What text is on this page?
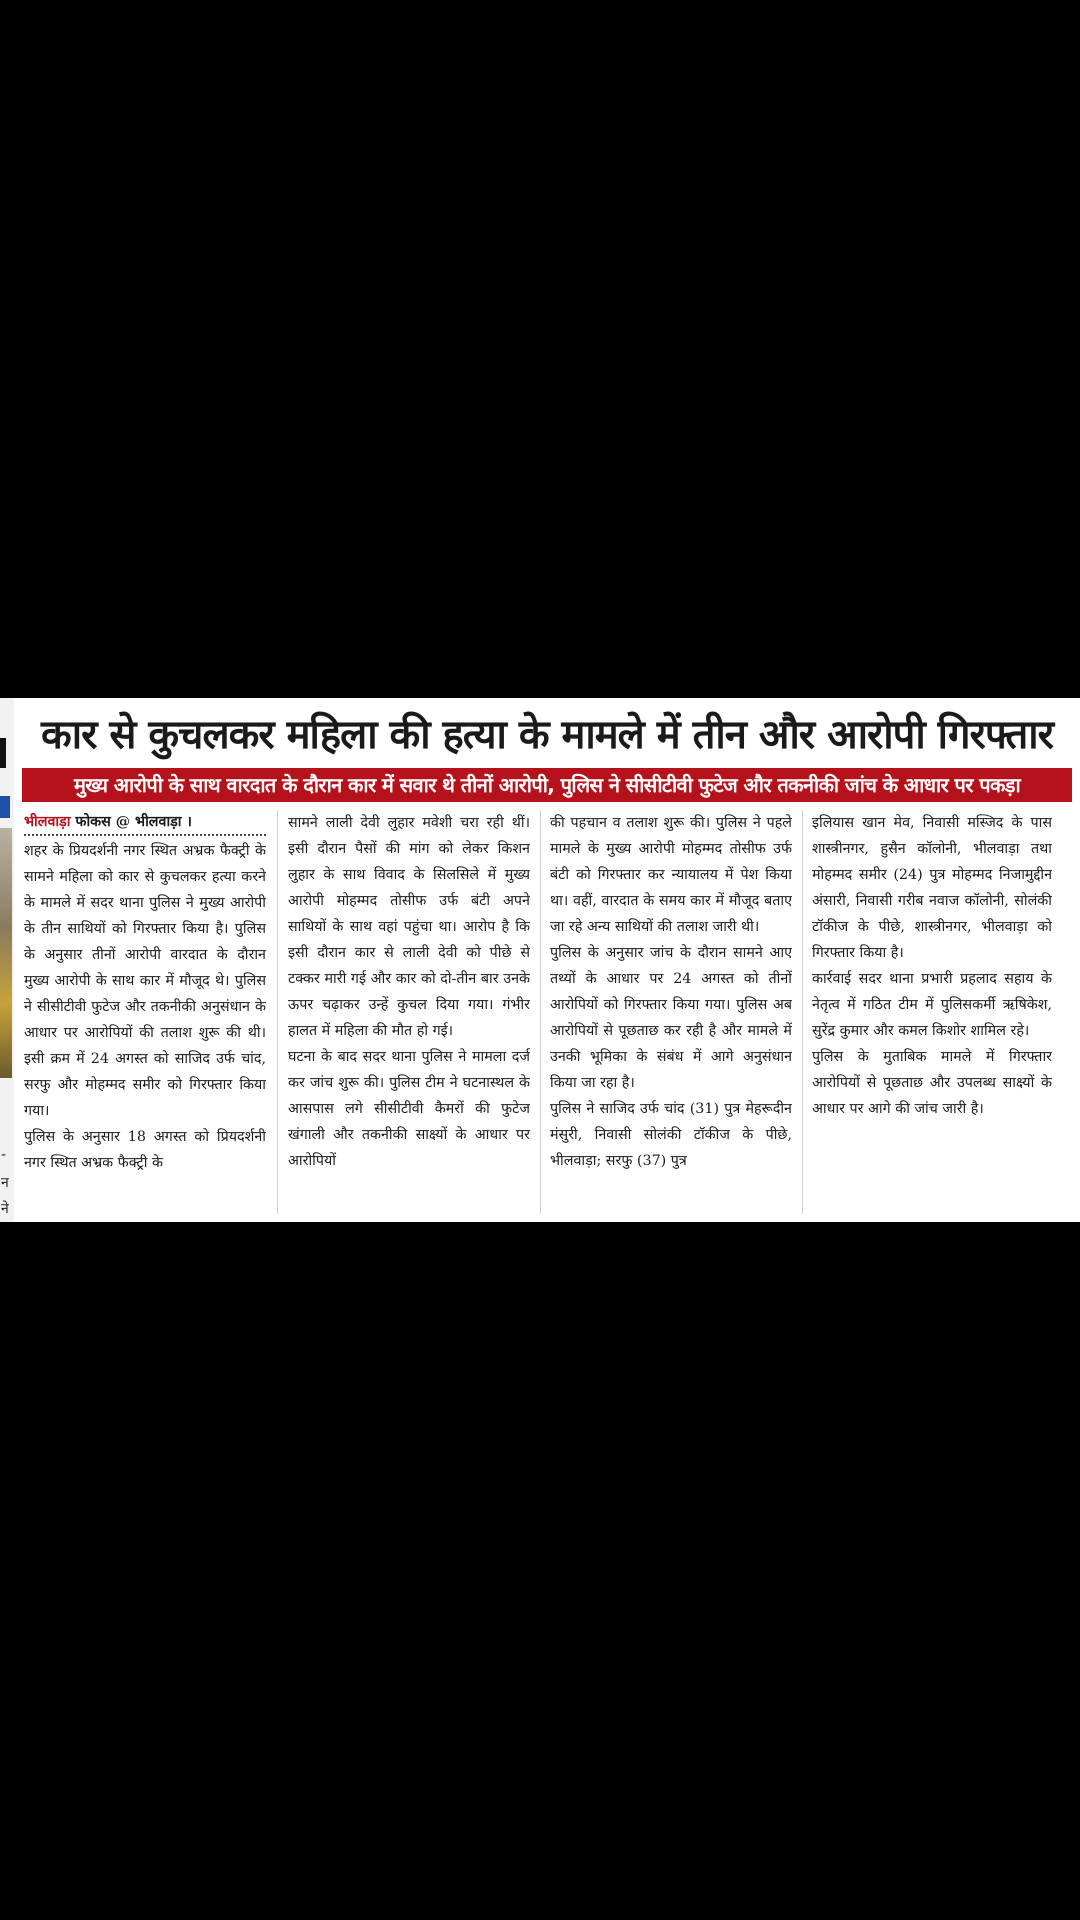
-
न
ने
कार से कुचलकर महिला की हत्या के मामले में तीन और आरोपी गिरफ्तार
मुख्य आरोपी के साथ वारदात के दौरान कार में सवार थे तीनों आरोपी, पुलिस ने सीसीटीवी फुटेज और तकनीकी जांच के आधार पर पकड़ा
भीलवाड़ा फोकस @ भीलवाड़ा ।

शहर के प्रियदर्शनी नगर स्थित अभ्रक फैक्ट्री के सामने महिला को कार से कुचलकर हत्या करने के मामले में सदर थाना पुलिस ने मुख्य आरोपी के तीन साथियों को गिरफ्तार किया है। पुलिस के अनुसार तीनों आरोपी वारदात के दौरान मुख्य आरोपी के साथ कार में मौजूद थे। पुलिस ने सीसीटीवी फुटेज और तकनीकी अनुसंधान के आधार पर आरोपियों की तलाश शुरू की थी। इसी क्रम में 24 अगस्त को साजिद उर्फ चांद, सरफु और मोहम्मद समीर को गिरफ्तार किया गया।

पुलिस के अनुसार 18 अगस्त को प्रियदर्शनी नगर स्थित अभ्रक फैक्ट्री के

सामने लाली देवी लुहार मवेशी चरा रही थीं। इसी दौरान पैसों की मांग को लेकर किशन लुहार के साथ विवाद के सिलसिले में मुख्य आरोपी मोहम्मद तोसीफ उर्फ बंटी अपने साथियों के साथ वहां पहुंचा था। आरोप है कि इसी दौरान कार से लाली देवी को पीछे से टक्कर मारी गई और कार को दो-तीन बार उनके ऊपर चढ़ाकर उन्हें कुचल दिया गया। गंभीर हालत में महिला की मौत हो गई।

घटना के बाद सदर थाना पुलिस ने मामला दर्ज कर जांच शुरू की। पुलिस टीम ने घटनास्थल के आसपास लगे सीसीटीवी कैमरों की फुटेज खंगाली और तकनीकी साक्ष्यों के आधार पर आरोपियों

की पहचान व तलाश शुरू की। पुलिस ने पहले मामले के मुख्य आरोपी मोहम्मद तोसीफ उर्फ बंटी को गिरफ्तार कर न्यायालय में पेश किया था। वहीं, वारदात के समय कार में मौजूद बताए जा रहे अन्य साथियों की तलाश जारी थी।

पुलिस के अनुसार जांच के दौरान सामने आए तथ्यों के आधार पर 24 अगस्त को तीनों आरोपियों को गिरफ्तार किया गया। पुलिस अब आरोपियों से पूछताछ कर रही है और मामले में उनकी भूमिका के संबंध में आगे अनुसंधान किया जा रहा है।

पुलिस ने साजिद उर्फ चांद (31) पुत्र मेहरूदीन मंसुरी, निवासी सोलंकी टॉकीज के पीछे, भीलवाड़ा; सरफु (37) पुत्र

इलियास खान मेव, निवासी मस्जिद के पास शास्त्रीनगर, हुसैन कॉलोनी, भीलवाड़ा तथा मोहम्मद समीर (24) पुत्र मोहम्मद निजामुद्दीन अंसारी, निवासी गरीब नवाज कॉलोनी, सोलंकी टॉकीज के पीछे, शास्त्रीनगर, भीलवाड़ा को गिरफ्तार किया है।

कार्रवाई सदर थाना प्रभारी प्रहलाद सहाय के नेतृत्व में गठित टीम में पुलिसकर्मी ऋषिकेश, सुरेंद्र कुमार और कमल किशोर शामिल रहे।

पुलिस के मुताबिक मामले में गिरफ्तार आरोपियों से पूछताछ और उपलब्ध साक्ष्यों के आधार पर आगे की जांच जारी है।
